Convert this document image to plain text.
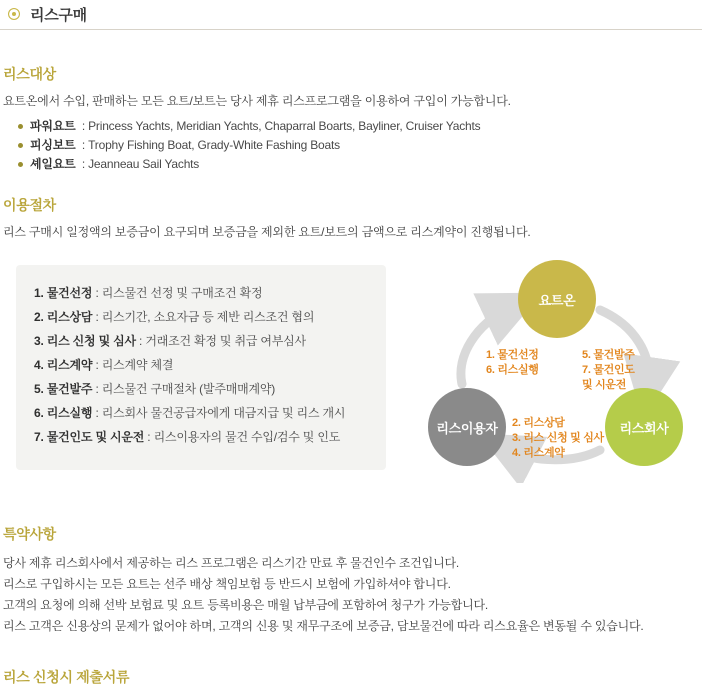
리스구매
리스대상
요트온에서 수입, 판매하는 모든 요트/보트는 당사 제휴 리스프로그램을 이용하여 구입이 가능합니다.
파워요트  : Princess Yachts, Meridian Yachts, Chaparral Boarts, Bayliner, Cruiser Yachts
피싱보트  : Trophy Fishing Boat, Grady-White Fashing Boats
셰일요트  : Jeanneau Sail Yachts
이용절차
리스 구매시 일정액의 보증금이 요구되며 보증금을 제외한 요트/보트의 금액으로 리스계약이 진행됩니다.
1. 물건선정 : 리스물건 선정 및 구매조건 확정
2. 리스상담 : 리스기간, 소요자금 등 제반 리스조건 협의
3. 리스 신청 및 심사 : 거래조건 확정 및 취급 여부심사
4. 리스계약 : 리스계약 체결
5. 물건발주 : 리스물건 구매절차 (발주매매계약)
6. 리스실행 : 리스회사 물건공급자에게 대금지급 및 리스 개시
7. 물건인도 및 시운전 : 리스이용자의 물건 수입/검수 및 인도
요트온
리스이용자	리스회사
1. 물건선정
6. 리스실행
5. 물건발주
7. 물건인도
및 시운전
2. 리스상담
3. 리스 신청 및 심사
4. 리스계약
특약사항
당사 제휴 리스회사에서 제공하는 리스 프로그램은 리스기간 만료 후 물건인수 조건입니다.
리스로 구입하시는 모든 요트는 선주 배상 책임보험 등 반드시 보험에 가입하셔야 합니다.
고객의 요청에 의해 선박 보험료 및 요트 등록비용은 매월 납부금에 포함하여 청구가 가능합니다.
리스 고객은 신용상의 문제가 없어야 하며, 고객의 신용 및 재무구조에 보증금, 담보물건에 따라 리스요율은 변동될 수 있습니다.
리스 신청시 제출서류
